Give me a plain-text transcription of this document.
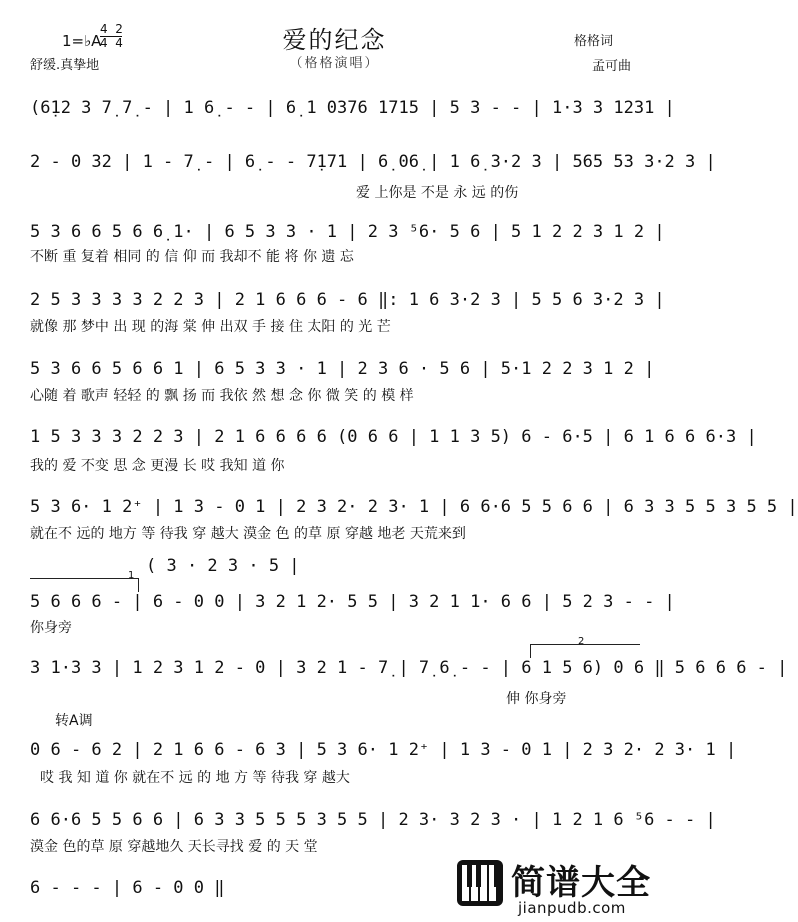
1=♭A
4  2
4  4	爱的纪念
（格格演唱）
舒缓.真挚地
格格词
孟可曲
(6̣12 3 7̣ 7̣ - | 1 6̣ - - | 6̣ 1 0376 1715 | 5 3 - - | 1·3 3 1231 |
2 - 0 32 | 1 - 7̣ - | 6̣ - - 7̣171 | 6̣ 06̣ | 1 6̣ 3·2 3 | 565 53 3·2 3 |
爱 上你是 不是 永 远 的伤
5 3 6 6 5 6 6̣ 1· | 6 5 3 3 · 1 | 2 3 ⁵6· 5 6 | 5 1 2 2 3 1 2 |
不断 重 复着 相同 的 信 仰 而 我却不 能 将 你 遗 忘
2 5 3 3 3 3 2 2 3 | 2 1 6 6 6 - 6 ‖: 1 6 3·2 3 | 5 5 6 3·2 3 |
就像 那 梦中 出 现 的海 棠 伸 出双 手 接 住 太阳 的 光 芒
5 3 6 6 5 6 6 1 | 6 5 3 3 · 1 | 2 3 6 · 5 6 | 5·1 2 2 3 1 2 |
心随 着 歌声 轻轻 的 飘 扬 而 我依 然 想 念 你 微 笑 的 模 样
1 5 3 3 3 2 2 3 | 2 1 6 6 6 6 (0 6 6 | 1 1 3 5) 6 - 6·5 | 6 1 6 6 6·3 |
我的 爱 不变 思 念 更漫 长 哎 我知 道 你
5 3 6· 1 2⁺ | 1 3 - 0 1 | 2 3 2· 2 3· 1 | 6 6·6 5 5 6 6 | 6 3 3 5 5 3 5 5 |
就在不 远的 地方 等 待我 穿 越大 漠金 色 的草 原 穿越 地老 天荒来到
( 3 · 2 3 · 5 |
1
5 6 6 6 - | 6 - 0 0 | 3 2 1 2· 5 5 | 3 2 1 1· 6 6 | 5 2 3 - - |
你身旁
2
3 1·3 3 | 1 2 3 1 2 - 0 | 3 2 1 - 7̣ | 7̣ 6̣ - - | 6 1 5 6) 0 6 ‖ 5 6 6 6 - |
伸 你身旁
转A调
0 6 - 6 2 | 2 1 6 6 - 6 3 | 5 3 6· 1 2⁺ | 1 3 - 0 1 | 2 3 2· 2 3· 1 |
哎 我 知 道 你 就在不 远 的 地 方 等 待我 穿 越大
6 6·6 5 5 6 6 | 6 3 3 5 5 5 3 5 5 | 2 3· 3 2 3 · | 1 2 1 6 ⁵6 - - |
漠金 色的草 原 穿越地久 天长寻找 爱 的 天 堂
6 - - - | 6 - 0 0 ‖	简谱大全
jianpudb.com
